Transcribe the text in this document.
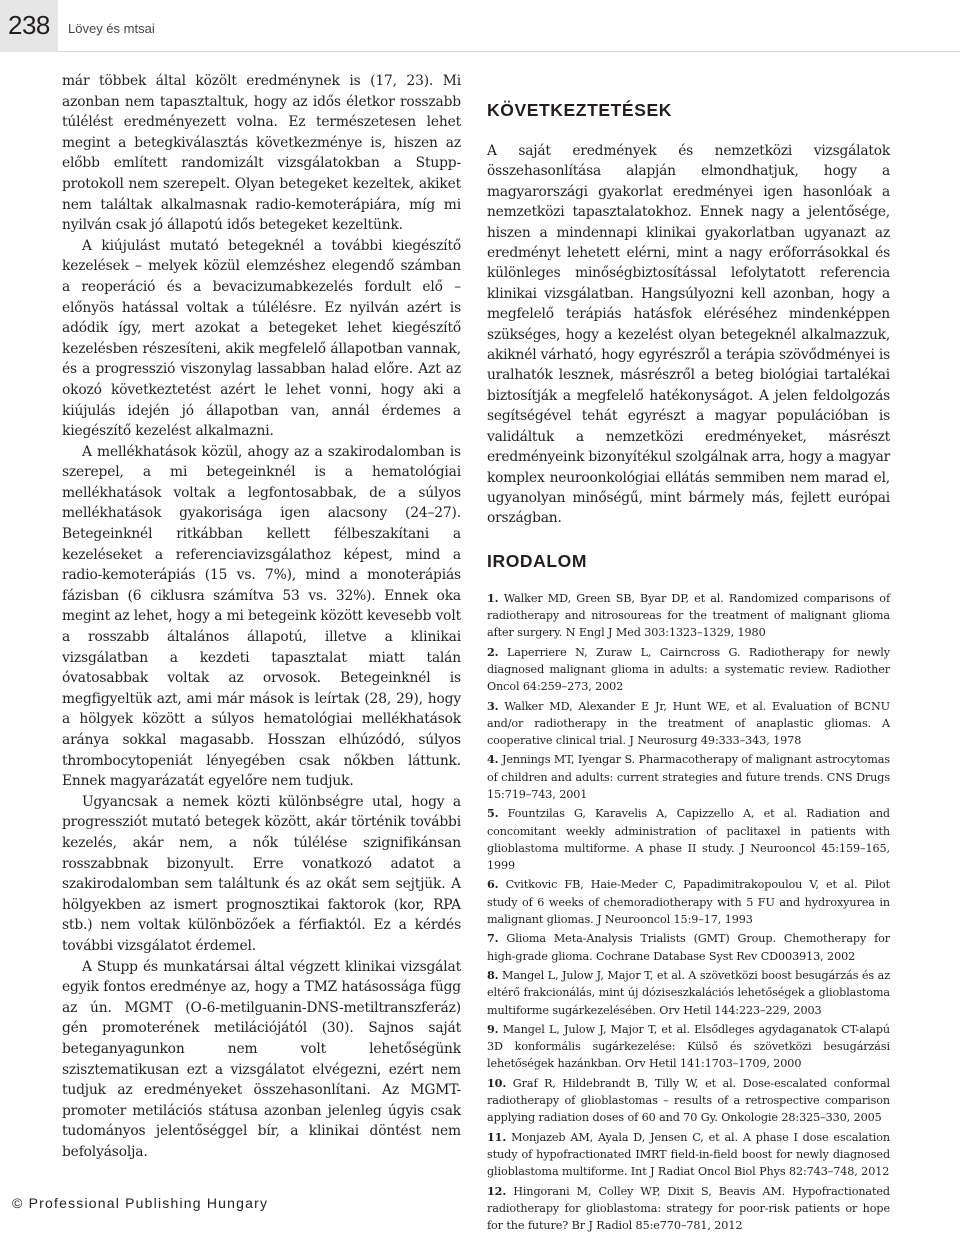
238 Lövey és mtsai

már többek által közölt eredménynek is (17, 23). Mi azonban nem tapasztaltuk, hogy az idős életkor rosszabb túlélést eredményezett volna. Ez természetesen lehet megint a betegkiválasztás következménye is, hiszen az előbb említett randomizált vizsgálatokban a Stupp-protokoll nem szerepelt. Olyan betegeket kezeltek, akiket nem találtak alkalmasnak radio-kemoterápiára, míg mi nyilván csak jó állapotú idős betegeket kezeltünk.

A kiújulást mutató betegeknél a további kiegészítő kezelések – melyek közül elemzéshez elegendő számban a reoperáció és a bevacizumabkezelés fordult elő – előnyös hatással voltak a túlélésre. Ez nyilván azért is adódik így, mert azokat a betegeket lehet kiegészítő kezelésben részesíteni, akik megfelelő állapotban vannak, és a progresszió viszonylag lassabban halad előre. Azt az okozó következtetést azért le lehet vonni, hogy aki a kiújulás idején jó állapotban van, annál érdemes a kiegészítő kezelést alkalmazni.

A mellékhatások közül, ahogy az a szakirodalomban is szerepel, a mi betegeinknél is a hematológiai mellékhatások voltak a legfontosabbak, de a súlyos mellékhatások gyakorisága igen alacsony (24–27). Betegeinknél ritkábban kellett félbeszakítani a kezeléseket a referenciavizsgálathoz képest, mind a radio-kemoterápiás (15 vs. 7%), mind a monoterápiás fázisban (6 ciklusra számítva 53 vs. 32%). Ennek oka megint az lehet, hogy a mi betegeink között kevesebb volt a rosszabb általános állapotú, illetve a klinikai vizsgálatban a kezdeti tapasztalat miatt talán óvatosabbak voltak az orvosok. Betegeinknél is megfigyeltük azt, ami már mások is leírtak (28, 29), hogy a hölgyek között a súlyos hematológiai mellékhatások aránya sokkal magasabb. Hosszan elhúzódó, súlyos thrombocytopeniát lényegében csak nőkben láttunk. Ennek magyarázatát egyelőre nem tudjuk.

Ugyancsak a nemek közti különbségre utal, hogy a progressziót mutató betegek között, akár történik további kezelés, akár nem, a nők túlélése szignifikánsan rosszabbnak bizonyult. Erre vonatkozó adatot a szakirodalomban sem találtunk és az okát sem sejtjük. A hölgyekben az ismert prognosztikai faktorok (kor, RPA stb.) nem voltak különbözőek a férfiaktól. Ez a kérdés további vizsgálatot érdemel.

A Stupp és munkatársai által végzett klinikai vizsgálat egyik fontos eredménye az, hogy a TMZ hatásossága függ az ún. MGMT (O-6-metilguanin-DNS-metiltranszferáz) gén promoterének metilációjától (30). Sajnos saját beteganyagunkon nem volt lehetőségünk szisztematikusan ezt a vizsgálatot elvégezni, ezért nem tudjuk az eredményeket összehasonlítani. Az MGMT-promoter metilációs státusa azonban jelenleg úgyis csak tudományos jelentőséggel bír, a klinikai döntést nem befolyásolja.

KÖVETKEZTETÉSEK

A saját eredmények és nemzetközi vizsgálatok összehasonlítása alapján elmondhatjuk, hogy a magyarországi gyakorlat eredményei igen hasonlóak a nemzetközi tapasztalatokhoz. Ennek nagy a jelentősége, hiszen a mindennapi klinikai gyakorlatban ugyanazt az eredményt lehetett elérni, mint a nagy erőforrásokkal és különleges minőségbiztosítással lefolytatott referencia klinikai vizsgálatban. Hangsúlyozni kell azonban, hogy a megfelelő terápiás hatásfok eléréséhez mindenképpen szükséges, hogy a kezelést olyan betegeknél alkalmazzuk, akiknél várható, hogy egyrészről a terápia szövődményei is uralhatók lesznek, másrészről a beteg biológiai tartalékai biztosítják a megfelelő hatékonyságot. A jelen feldolgozás segítségével tehát egyrészt a magyar populációban is validáltuk a nemzetközi eredményeket, másrészt eredményeink bizonyítékul szolgálnak arra, hogy a magyar komplex neuroonkológiai ellátás semmiben nem marad el, ugyanolyan minőségű, mint bármely más, fejlett európai országban.

IRODALOM
1. Walker MD, Green SB, Byar DP, et al. Randomized comparisons of radiotherapy and nitrosoureas for the treatment of malignant glioma after surgery. N Engl J Med 303:1323–1329, 1980
2. Laperriere N, Zuraw L, Cairncross G. Radiotherapy for newly diagnosed malignant glioma in adults: a systematic review. Radiother Oncol 64:259–273, 2002
3. Walker MD, Alexander E Jr, Hunt WE, et al. Evaluation of BCNU and/or radiotherapy in the treatment of anaplastic gliomas. A cooperative clinical trial. J Neurosurg 49:333–343, 1978
4. Jennings MT, Iyengar S. Pharmacotherapy of malignant astrocytomas of children and adults: current strategies and future trends. CNS Drugs 15:719–743, 2001
5. Fountzilas G, Karavelis A, Capizzello A, et al. Radiation and concomitant weekly administration of paclitaxel in patients with glioblastoma multiforme. A phase II study. J Neurooncol 45:159–165, 1999
6. Cvitkovic FB, Haie-Meder C, Papadimitrakopoulou V, et al. Pilot study of 6 weeks of chemoradiotherapy with 5 FU and hydroxyurea in malignant gliomas. J Neurooncol 15:9–17, 1993
7. Glioma Meta-Analysis Trialists (GMT) Group. Chemotherapy for high-grade glioma. Cochrane Database Syst Rev CD003913, 2002
8. Mangel L, Julow J, Major T, et al. A szövetközi boost besugárzás és az eltérő frakcionálás, mint új dóziseszkalációs lehetőségek a glioblastoma multiforme sugárkezelésében. Orv Hetil 144:223–229, 2003
9. Mangel L, Julow J, Major T, et al. Elsődleges agydaganatok CT-alapú 3D konformális sugárkezelése: Külső és szövetközi besugárzási lehetőségek hazánkban. Orv Hetil 141:1703–1709, 2000
10. Graf R, Hildebrandt B, Tilly W, et al. Dose-escalated conformal radiotherapy of glioblastomas – results of a retrospective comparison applying radiation doses of 60 and 70 Gy. Onkologie 28:325–330, 2005
11. Monjazeb AM, Ayala D, Jensen C, et al. A phase I dose escalation study of hypofractionated IMRT field-in-field boost for newly diagnosed glioblastoma multiforme. Int J Radiat Oncol Biol Phys 82:743–748, 2012
12. Hingorani M, Colley WP, Dixit S, Beavis AM. Hypofractionated radiotherapy for glioblastoma: strategy for poor-risk patients or hope for the future? Br J Radiol 85:e770–781, 2012
© Professional Publishing Hungary
